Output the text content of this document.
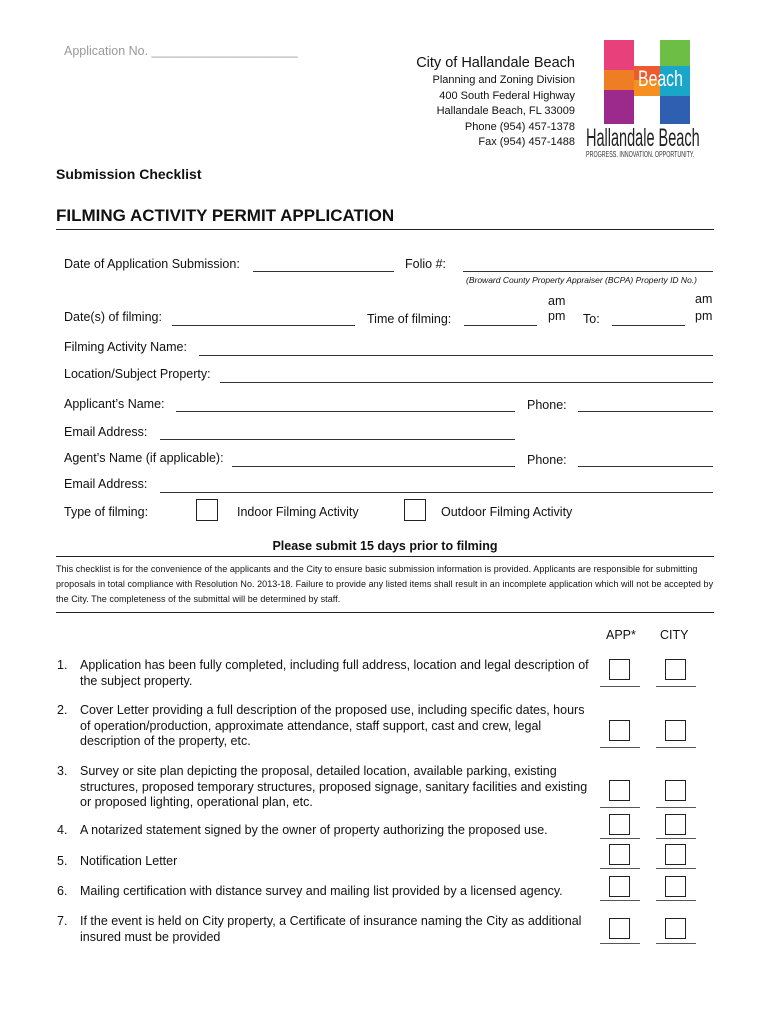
Application No. _____________________
City of Hallandale Beach
Planning and Zoning Division
400 South Federal Highway
Hallandale Beach, FL 33009
Phone (954) 457-1378
Fax (954) 457-1488
Beach
Hallandale Beach
PROGRESS. INNOVATION. OPPORTUNITY.
Submission Checklist
FILMING ACTIVITY PERMIT APPLICATION
Date of Application Submission:	Folio #:
(Broward County Property Appraiser (BCPA) Property ID No.)
Date(s) of filming:	Time of filming:
am
pm To:
am
pm
Filming Activity Name:
Location/Subject Property:
Applicant’s Name:	Phone:
Email Address:
Agent’s Name (if applicable):	Phone:
Email Address:
Type of filming:	Indoor Filming Activity	Outdoor Filming Activity
Please submit 15 days prior to filming
This checklist is for the convenience of the applicants and the City to ensure basic submission information is provided. Applicants are responsible for submitting proposals in total compliance with Resolution No. 2013-18. Failure to provide any listed items shall result in an incomplete application which will not be accepted by the City. The completeness of the submittal will be determined by staff.
APP* CITY
1. Application has been fully completed, including full address, location and legal description of the subject property.
2. Cover Letter providing a full description of the proposed use, including specific dates, hours of operation/production, approximate attendance, staff support, cast and crew, legal description of the property, etc.
3. Survey or site plan depicting the proposal, detailed location, available parking, existing structures, proposed temporary structures, proposed signage, sanitary facilities and existing or proposed lighting, operational plan, etc.
4. A notarized statement signed by the owner of property authorizing the proposed use.
5. Notification Letter
6. Mailing certification with distance survey and mailing list provided by a licensed agency.
7. If the event is held on City property, a Certificate of insurance naming the City as additional insured must be provided
